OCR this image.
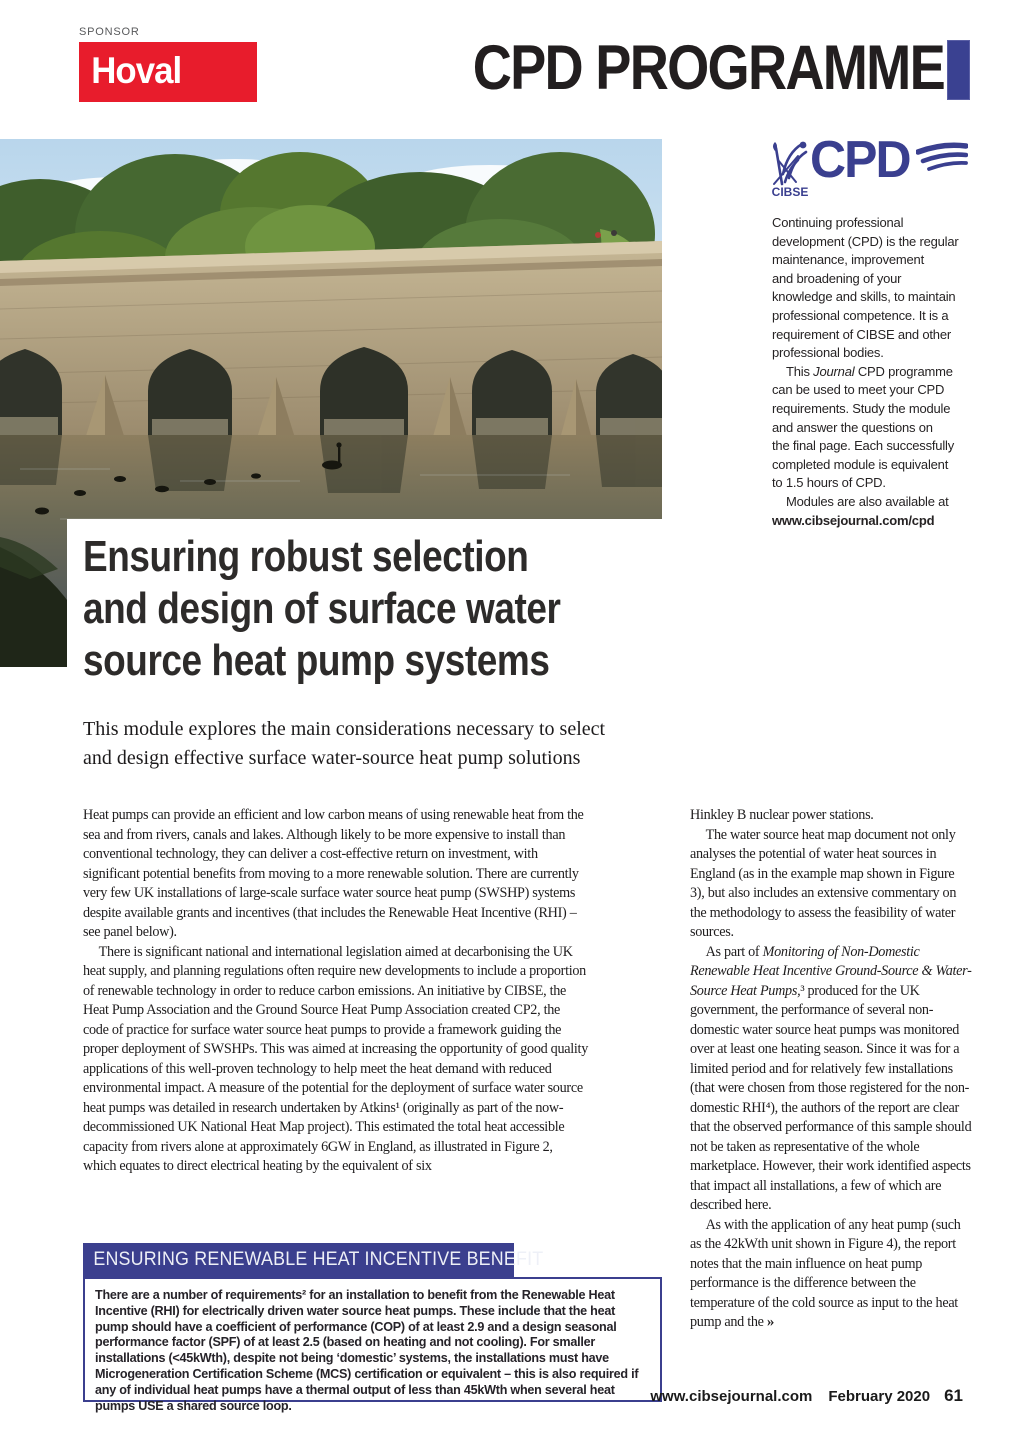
SPONSOR
Hoval	CPD PROGRAMME
Ensuring robust selection
and design of surface water
source heat pump systems
This module explores the main considerations necessary to select
and design effective surface water-source heat pump solutions
CIBSE
CPD
Continuing professional
development (CPD) is the regular
maintenance, improvement
and broadening of your
knowledge and skills, to maintain
professional competence. It is a
requirement of CIBSE and other
professional bodies.
This Journal CPD programme
can be used to meet your CPD
requirements. Study the module
and answer the questions on
the final page. Each successfully
completed module is equivalent
to 1.5 hours of CPD.
Modules are also available at
www.cibsejournal.com/cpd

Heat pumps can provide an efficient and low carbon means of using renewable heat from the sea and from rivers, canals and lakes. Although likely to be more expensive to install than conventional technology, they can deliver a cost-effective return on investment, with significant potential benefits from moving to a more renewable solution. There are currently very few UK installations of large-scale surface water source heat pump (SWSHP) systems despite available grants and incentives (that includes the Renewable Heat Incentive (RHI) – see panel below).

There is significant national and international legislation aimed at decarbonising the UK heat supply, and planning regulations often require new developments to include a proportion of renewable technology in order to reduce carbon emissions. An initiative by CIBSE, the Heat Pump Association and the Ground Source Heat Pump Association created CP2, the code of practice for surface water source heat pumps to provide a framework guiding the proper deployment of SWSHPs. This was aimed at increasing the opportunity of good quality applications of this well-proven technology to help meet the heat demand with reduced environmental impact. A measure of the potential for the deployment of surface water source heat pumps was detailed in research undertaken by Atkins¹ (originally as part of the now-decommissioned UK National Heat Map project). This estimated the total heat accessible capacity from rivers alone at approximately 6GW in England, as illustrated in Figure 2, which equates to direct electrical heating by the equivalent of six

Hinkley B nuclear power stations.

The water source heat map document not only analyses the potential of water heat sources in England (as in the example map shown in Figure 3), but also includes an extensive commentary on the methodology to assess the feasibility of water sources.

As part of Monitoring of Non-Domestic Renewable Heat Incentive Ground-Source & Water-Source Heat Pumps,³ produced for the UK government, the performance of several non-domestic water source heat pumps was monitored over at least one heating season. Since it was for a limited period and for relatively few installations (that were chosen from those registered for the non-domestic RHI⁴), the authors of the report are clear that the observed performance of this sample should not be taken as representative of the whole marketplace. However, their work identified aspects that impact all installations, a few of which are described here.

As with the application of any heat pump (such as the 42kWth unit shown in Figure 4), the report notes that the main influence on heat pump performance is the difference between the temperature of the cold source as input to the heat pump and the »

ENSURING RENEWABLE HEAT INCENTIVE BENEFIT

There are a number of requirements² for an installation to benefit from the Renewable Heat Incentive (RHI) for electrically driven water source heat pumps. These include that the heat pump should have a coefficient of performance (COP) of at least 2.9 and a design seasonal performance factor (SPF) of at least 2.5 (based on heating and not cooling). For smaller installations (<45kWth), despite not being ‘domestic’ systems, the installations must have Microgeneration Certification Scheme (MCS) certification or equivalent – this is also required if any of individual heat pumps have a thermal output of less than 45kWth when several heat pumps USE a shared source loop.

www.cibsejournal.com February 2020 61
